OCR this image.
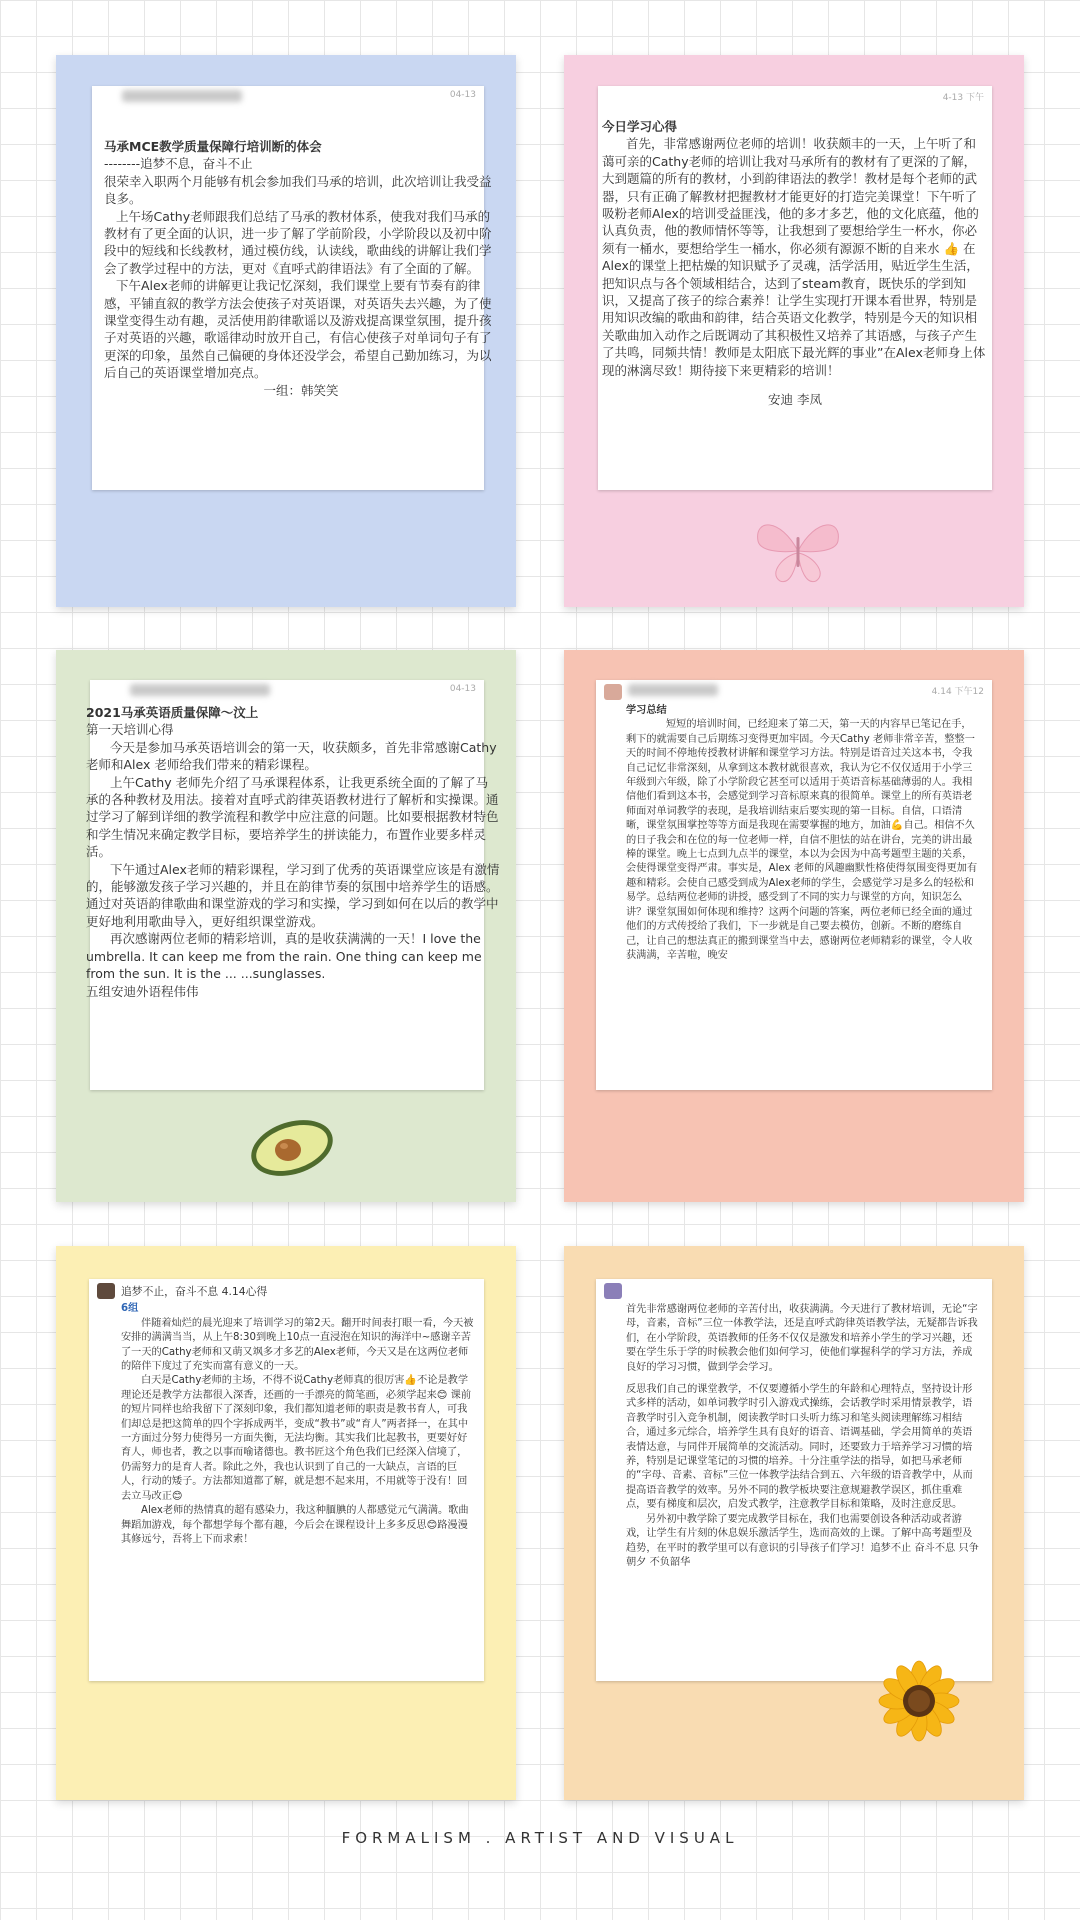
04-13

马承MCE教学质量保障行培训断的体会

--------追梦不息，奋斗不止

很荣幸入职两个月能够有机会参加我们马承的培训，此次培训让我受益良多。

上午场Cathy老师跟我们总结了马承的教材体系，使我对我们马承的教材有了更全面的认识，进一步了解了学前阶段，小学阶段以及初中阶段中的短线和长线教材，通过模仿线，认读线，歌曲线的讲解让我们学会了教学过程中的方法，更对《直呼式韵律语法》有了全面的了解。

下午Alex老师的讲解更让我记忆深刻，我们课堂上要有节奏有韵律感，平铺直叙的教学方法会使孩子对英语课，对英语失去兴趣，为了使课堂变得生动有趣，灵活使用韵律歌谣以及游戏提高课堂氛围，提升孩子对英语的兴趣，歌谣律动时放开自己，有信心使孩子对单词句子有了更深的印象，虽然自己偏硬的身体还没学会，希望自己勤加练习，为以后自己的英语课堂增加亮点。

一组：韩笑笑

4-13 下午

今日学习心得

首先，非常感谢两位老师的培训！收获颇丰的一天，上午听了和蔼可亲的Cathy老师的培训让我对马承所有的教材有了更深的了解，大到题篇的所有的教材，小到韵律语法的教学！教材是每个老师的武器，只有正确了解教材把握教材才能更好的打造完美课堂！下午听了吸粉老师Alex的培训受益匪浅，他的多才多艺，他的文化底蕴，他的认真负责，他的教师情怀等等，让我想到了要想给学生一杯水，你必须有一桶水，要想给学生一桶水，你必须有源源不断的自来水 👍 在Alex的课堂上把枯燥的知识赋予了灵魂，活学活用，贴近学生生活，把知识点与各个领域相结合，达到了steam教育，既快乐的学到知识，又提高了孩子的综合素养！让学生实现打开课本看世界，特别是用知识改编的歌曲和韵律，结合英语文化教学，特别是今天的知识相关歌曲加入动作之后既调动了其积极性又培养了其语感，与孩子产生了共鸣，同频共情！教师是太阳底下最光辉的事业”在Alex老师身上体现的淋漓尽致！期待接下来更精彩的培训！

安迪 李凤

04-13

2021马承英语质量保障～汶上

第一天培训心得

今天是参加马承英语培训会的第一天，收获颇多，首先非常感谢Cathy 老师和Alex 老师给我们带来的精彩课程。

上午Cathy 老师先介绍了马承课程体系，让我更系统全面的了解了马承的各种教材及用法。接着对直呼式韵律英语教材进行了解析和实操课。通过学习了解到详细的教学流程和教学中应注意的问题。比如要根据教材特色和学生情况来确定教学目标，要培养学生的拼读能力，布置作业要多样灵活。

下午通过Alex老师的精彩课程，学习到了优秀的英语课堂应该是有激情的，能够激发孩子学习兴趣的，并且在韵律节奏的氛围中培养学生的语感。通过对英语韵律歌曲和课堂游戏的学习和实操，学习到如何在以后的教学中更好地利用歌曲导入，更好组织课堂游戏。

再次感谢两位老师的精彩培训，真的是收获满满的一天！I love the umbrella. It can keep me from the rain. One thing can keep me from the sun. It is the ... ...sunglasses.

五组安迪外语程伟伟

4.14 下午12

学习总结

短短的培训时间，已经迎来了第二天，第一天的内容早已笔记在手，剩下的就需要自己后期练习变得更加牢固。今天Cathy 老师非常辛苦，整整一天的时间不停地传授教材讲解和课堂学习方法。特别是语音过关这本书，令我自己记忆非常深刻，从拿到这本教材就很喜欢，我认为它不仅仅适用于小学三年级到六年级，除了小学阶段它甚至可以适用于英语音标基础薄弱的人。我相信他们看到这本书，会感觉到学习音标原来真的很简单。课堂上的所有英语老师面对单词教学的表现，是我培训结束后要实现的第一目标。自信，口语清晰，课堂氛围掌控等等方面是我现在需要掌握的地方，加油💪自己。相信不久的日子我会和在位的每一位老师一样，自信不胆怯的站在讲台，完美的讲出最棒的课堂。晚上七点到九点半的课堂，本以为会因为中高考题型主题的关系，会使得课堂变得严肃。事实是，Alex 老师的风趣幽默性格使得氛围变得更加有趣和精彩。会使自己感受到成为Alex老师的学生，会感觉学习是多么的轻松和易学。总结两位老师的讲授，感受到了不同的实力与课堂的方向，知识怎么讲？课堂氛围如何体现和维持？这两个问题的答案，两位老师已经全面的通过他们的方式传授给了我们，下一步就是自己要去模仿，创新。不断的磨练自己，让自己的想法真正的搬到课堂当中去，感谢两位老师精彩的课堂，令人收获满满，辛苦啦，晚安

追梦不止，奋斗不息 4.14心得

6组

伴随着灿烂的晨光迎来了培训学习的第2天。翻开时间表打眼一看，今天被安排的满满当当，从上午8:30到晚上10点一直浸泡在知识的海洋中~感谢辛苦了一天的Cathy老师和又萌又飒多才多艺的Alex老师，今天又是在这两位老师的陪伴下度过了充实而富有意义的一天。

白天是Cathy老师的主场，不得不说Cathy老师真的很厉害👍不论是教学理论还是教学方法都很入深香，还画的一手漂亮的简笔画，必须学起来😊 课前的短片同样也给我留下了深刻印象，我们都知道老师的职责是教书育人，可我们却总是把这简单的四个字拆成两半，变成“教书”或“育人”两者择一，在其中一方面过分努力使得另一方面失衡，无法均衡。其实我们比起教书，更要好好育人，师也者，教之以事而喻诸德也。教书匠这个角色我们已经深入信境了，仍需努力的是育人者。除此之外，我也认识到了自己的一大缺点，言语的巨人，行动的矮子。方法都知道都了解，就是想不起来用，不用就等于没有！回去立马改正😊

Alex老师的热情真的超有感染力，我这种腼腆的人都感觉元气满满。歌曲舞蹈加游戏，每个都想学每个都有趣，今后会在课程设计上多多反思😊路漫漫其修远兮，吾将上下而求索！

首先非常感谢两位老师的辛苦付出，收获满满。今天进行了教材培训，无论“字母，音素，音标”三位一体教学法，还是直呼式韵律英语教学法，无疑都告诉我们，在小学阶段，英语教师的任务不仅仅是激发和培养小学生的学习兴趣，还要在学生乐于学的时候教会他们如何学习，使他们掌握科学的学习方法，养成良好的学习习惯，做到学会学习。

反思我们自己的课堂教学，不仅要遵循小学生的年龄和心理特点，坚持设计形式多样的活动，如单词教学时引入游戏式操练，会话教学时采用情景教学，语音教学时引入竞争机制，阅读教学时口头听力练习和笔头阅读理解练习相结合，通过多元综合，培养学生具有良好的语音、语调基础，学会用简单的英语表情达意，与同伴开展简单的交流活动。同时，还要致力于培养学习习惯的培养，特别是记课堂笔记的习惯的培养。十分注重学法的指导，如把马承老师的“字母、音素、音标”三位一体教学法结合到五、六年级的语音教学中，从而提高语音教学的效率。另外不同的教学板块要注意规避教学误区，抓住重难点，要有梯度和层次，启发式教学，注意教学目标和策略，及时注意反思。

另外初中教学除了要完成教学目标在，我们也需要创设各种活动或者游戏，让学生有片刻的休息娱乐激活学生，选而高效的上课。了解中高考题型及趋势，在平时的教学里可以有意识的引导孩子们学习！追梦不止 奋斗不息 只争朝夕 不负韶华

FORMALISM . ARTIST AND VISUAL
